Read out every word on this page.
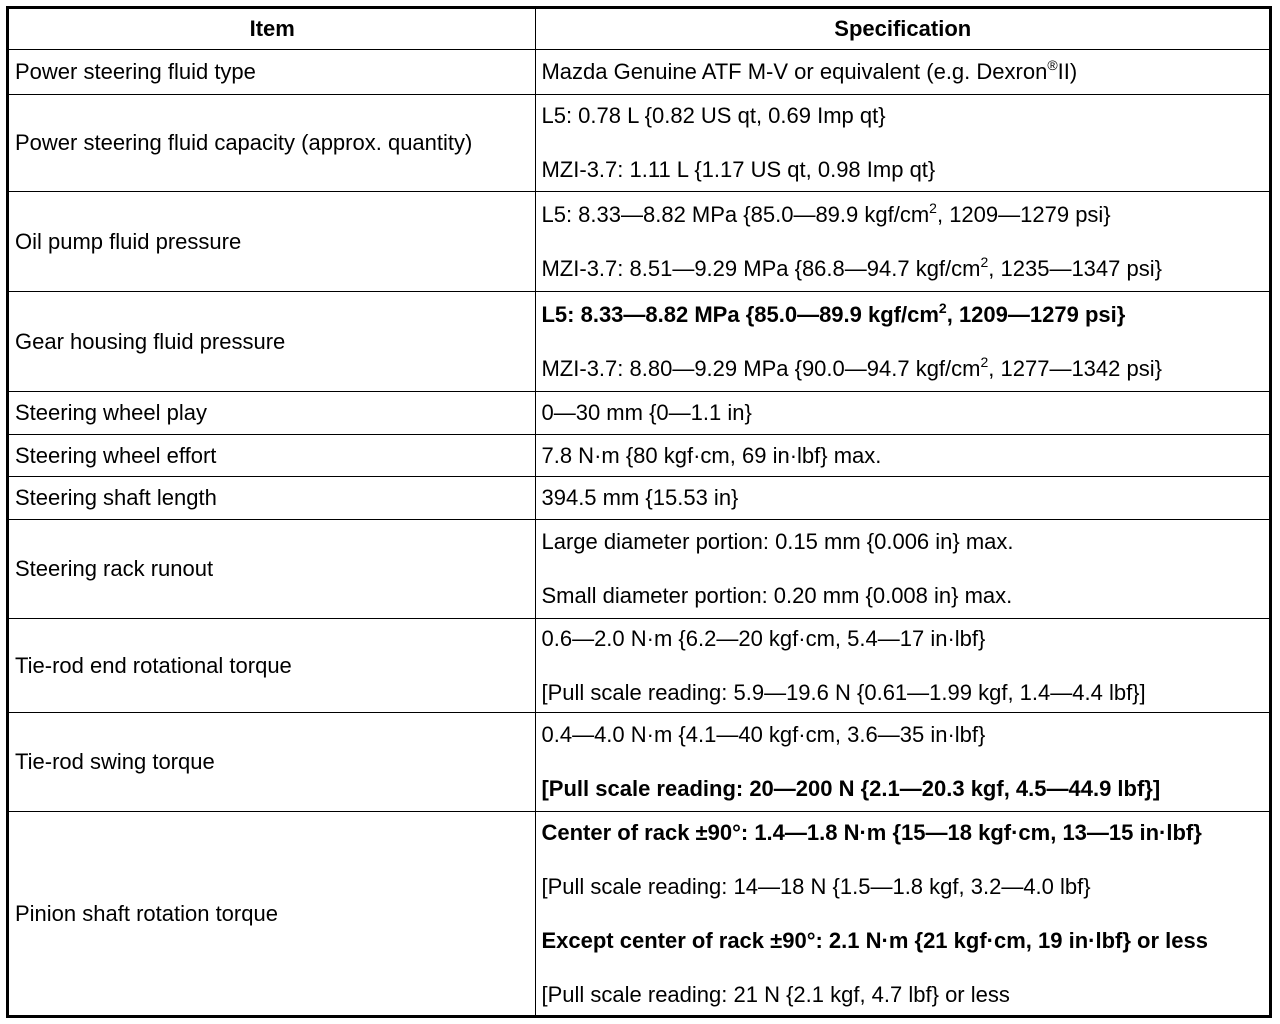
Item	Specification
Power steering fluid type	Mazda Genuine ATF M-V or equivalent (e.g. Dexron®II)

Power steering fluid capacity (approx. quantity)	L5: 0.78 L {0.82 US qt, 0.69 Imp qt}
MZI-3.7: 1.11 L {1.17 US qt, 0.98 Imp qt}

Oil pump fluid pressure	L5: 8.33—8.82 MPa {85.0—89.9 kgf/$cm^2$, 1209—1279 psi}
MZI-3.7: 8.51—9.29 MPa {86.8—94.7 kgf/$cm^2$, 1235—1347 psi}

Gear housing fluid pressure	L5: 8.33—8.82 MPa {85.0—89.9 kgf/$cm^2$, 1209—1279 psi}
MZI-3.7: 8.80—9.29 MPa {90.0—94.7 kgf/$cm^2$, 1277—1342 psi}

Steering wheel play	0—30 mm {0—1.1 in}

Steering wheel effort	7.8 N·m {80 kgf·cm, 69 in·lbf} max.

Steering shaft length	394.5 mm {15.53 in}

Steering rack runout	Large diameter portion: 0.15 mm {0.006 in} max.
Small diameter portion: 0.20 mm {0.008 in} max.

Tie-rod end rotational torque	0.6—2.0 N·m {6.2—20 kgf·cm, 5.4—17 in·lbf}
[Pull scale reading: 5.9—19.6 N {0.61—1.99 kgf, 1.4—4.4 lbf}]

Tie-rod swing torque	0.4—4.0 N·m {4.1—40 kgf·cm, 3.6—35 in·lbf}
[Pull scale reading: 20—200 N {2.1—20.3 kgf, 4.5—44.9 lbf}]

Pinion shaft rotation torque	Center of rack ±90°: 1.4—1.8 N·m {15—18 kgf·cm, 13—15 in·lbf}
[Pull scale reading: 14—18 N {1.5—1.8 kgf, 3.2—4.0 lbf}
Except center of rack ±90°: 2.1 N·m {21 kgf·cm, 19 in·lbf} or less
[Pull scale reading: 21 N {2.1 kgf, 4.7 lbf} or less
